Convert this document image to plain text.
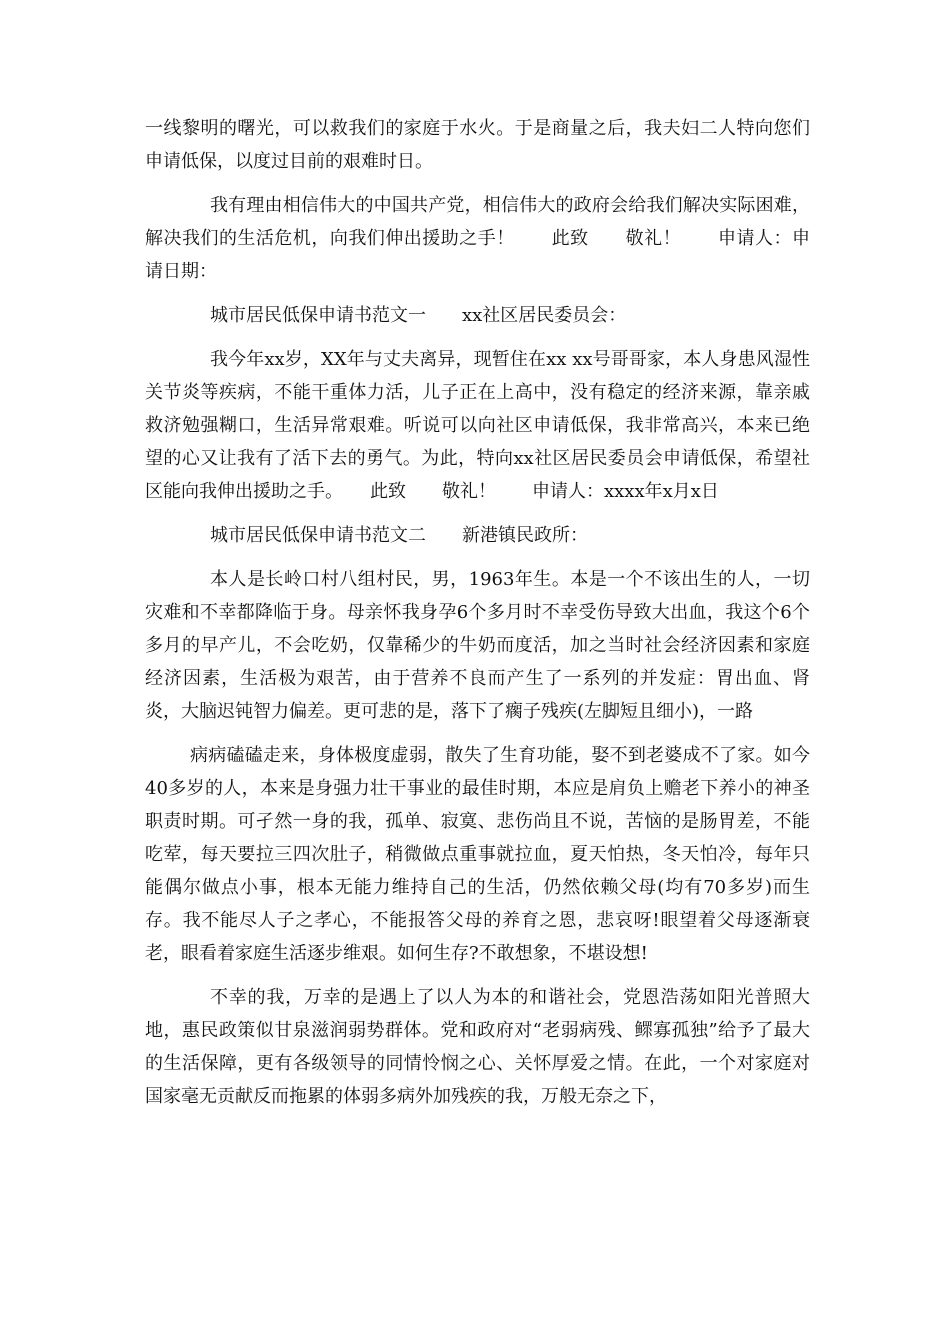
一线黎明的曙光，可以救我们的家庭于水火。于是商量之后，我夫妇二人特向您们申请低保，以度过目前的艰难时日。

我有理由相信伟大的中国共产党，相信伟大的政府会给我们解决实际困难，解决我们的生活危机，向我们伸出援助之手！　　此致　　敬礼！　　申请人：申请日期：

城市居民低保申请书范文一　　xx社区居民委员会：

我今年xx岁，XX年与丈夫离异，现暂住在xx xx号哥哥家，本人身患风湿性关节炎等疾病，不能干重体力活，儿子正在上高中，没有稳定的经济来源，靠亲戚救济勉强糊口，生活异常艰难。听说可以向社区申请低保，我非常高兴，本来已绝望的心又让我有了活下去的勇气。为此，特向xx社区居民委员会申请低保，希望社区能向我伸出援助之手。　　此致　　敬礼！　　申请人：xxxx年x月x日

城市居民低保申请书范文二　　新港镇民政所：

本人是长岭口村八组村民，男，1963年生。本是一个不该出生的人，一切灾难和不幸都降临于身。母亲怀我身孕6个多月时不幸受伤导致大出血，我这个6个多月的早产儿，不会吃奶，仅靠稀少的牛奶而度活，加之当时社会经济因素和家庭经济因素，生活极为艰苦，由于营养不良而产生了一系列的并发症：胃出血、肾炎，大脑迟钝智力偏差。更可悲的是，落下了瘸子残疾(左脚短且细小)，一路

病病磕磕走来，身体极度虚弱，散失了生育功能，娶不到老婆成不了家。如今40多岁的人，本来是身强力壮干事业的最佳时期，本应是肩负上赡老下养小的神圣职责时期。可孑然一身的我，孤单、寂寞、悲伤尚且不说，苦恼的是肠胃差，不能吃荤，每天要拉三四次肚子，稍微做点重事就拉血，夏天怕热，冬天怕冷，每年只能偶尔做点小事，根本无能力维持自己的生活，仍然依赖父母(均有70多岁)而生存。我不能尽人子之孝心，不能报答父母的养育之恩，悲哀呀!眼望着父母逐渐衰老，眼看着家庭生活逐步维艰。如何生存?不敢想象，不堪设想!

不幸的我，万幸的是遇上了以人为本的和谐社会，党恩浩荡如阳光普照大地，惠民政策似甘泉滋润弱势群体。党和政府对“老弱病残、鳏寡孤独”给予了最大的生活保障，更有各级领导的同情怜悯之心、关怀厚爱之情。在此，一个对家庭对国家毫无贡献反而拖累的体弱多病外加残疾的我，万般无奈之下，
